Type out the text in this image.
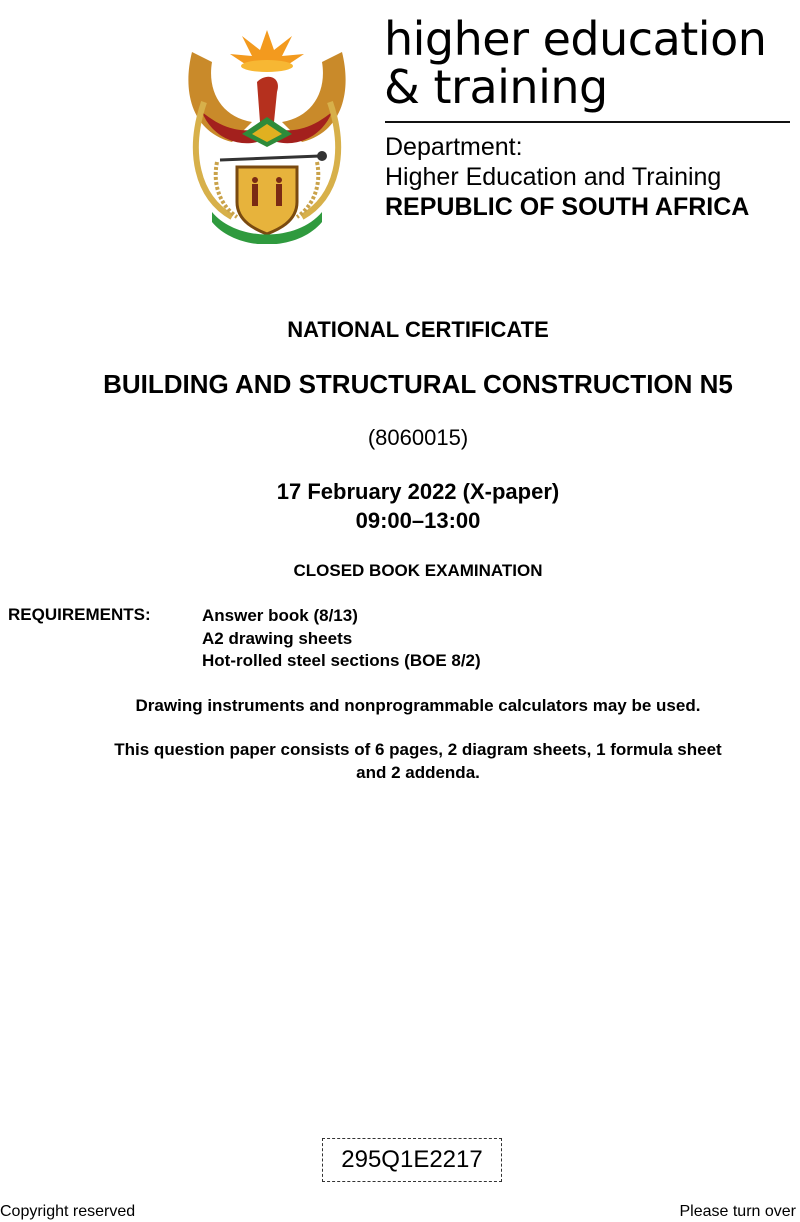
higher education
& training
Department:
Higher Education and Training
REPUBLIC OF SOUTH AFRICA
NATIONAL CERTIFICATE
BUILDING AND STRUCTURAL CONSTRUCTION N5
(8060015)
17 February 2022 (X-paper)
09:00–13:00
CLOSED BOOK EXAMINATION
REQUIREMENTS:	Answer book (8/13)
A2 drawing sheets
Hot-rolled steel sections (BOE 8/2)
Drawing instruments and nonprogrammable calculators may be used.
This question paper consists of 6 pages, 2 diagram sheets, 1 formula sheet
and 2 addenda.
295Q1E2217
Copyright reserved	Please turn over
